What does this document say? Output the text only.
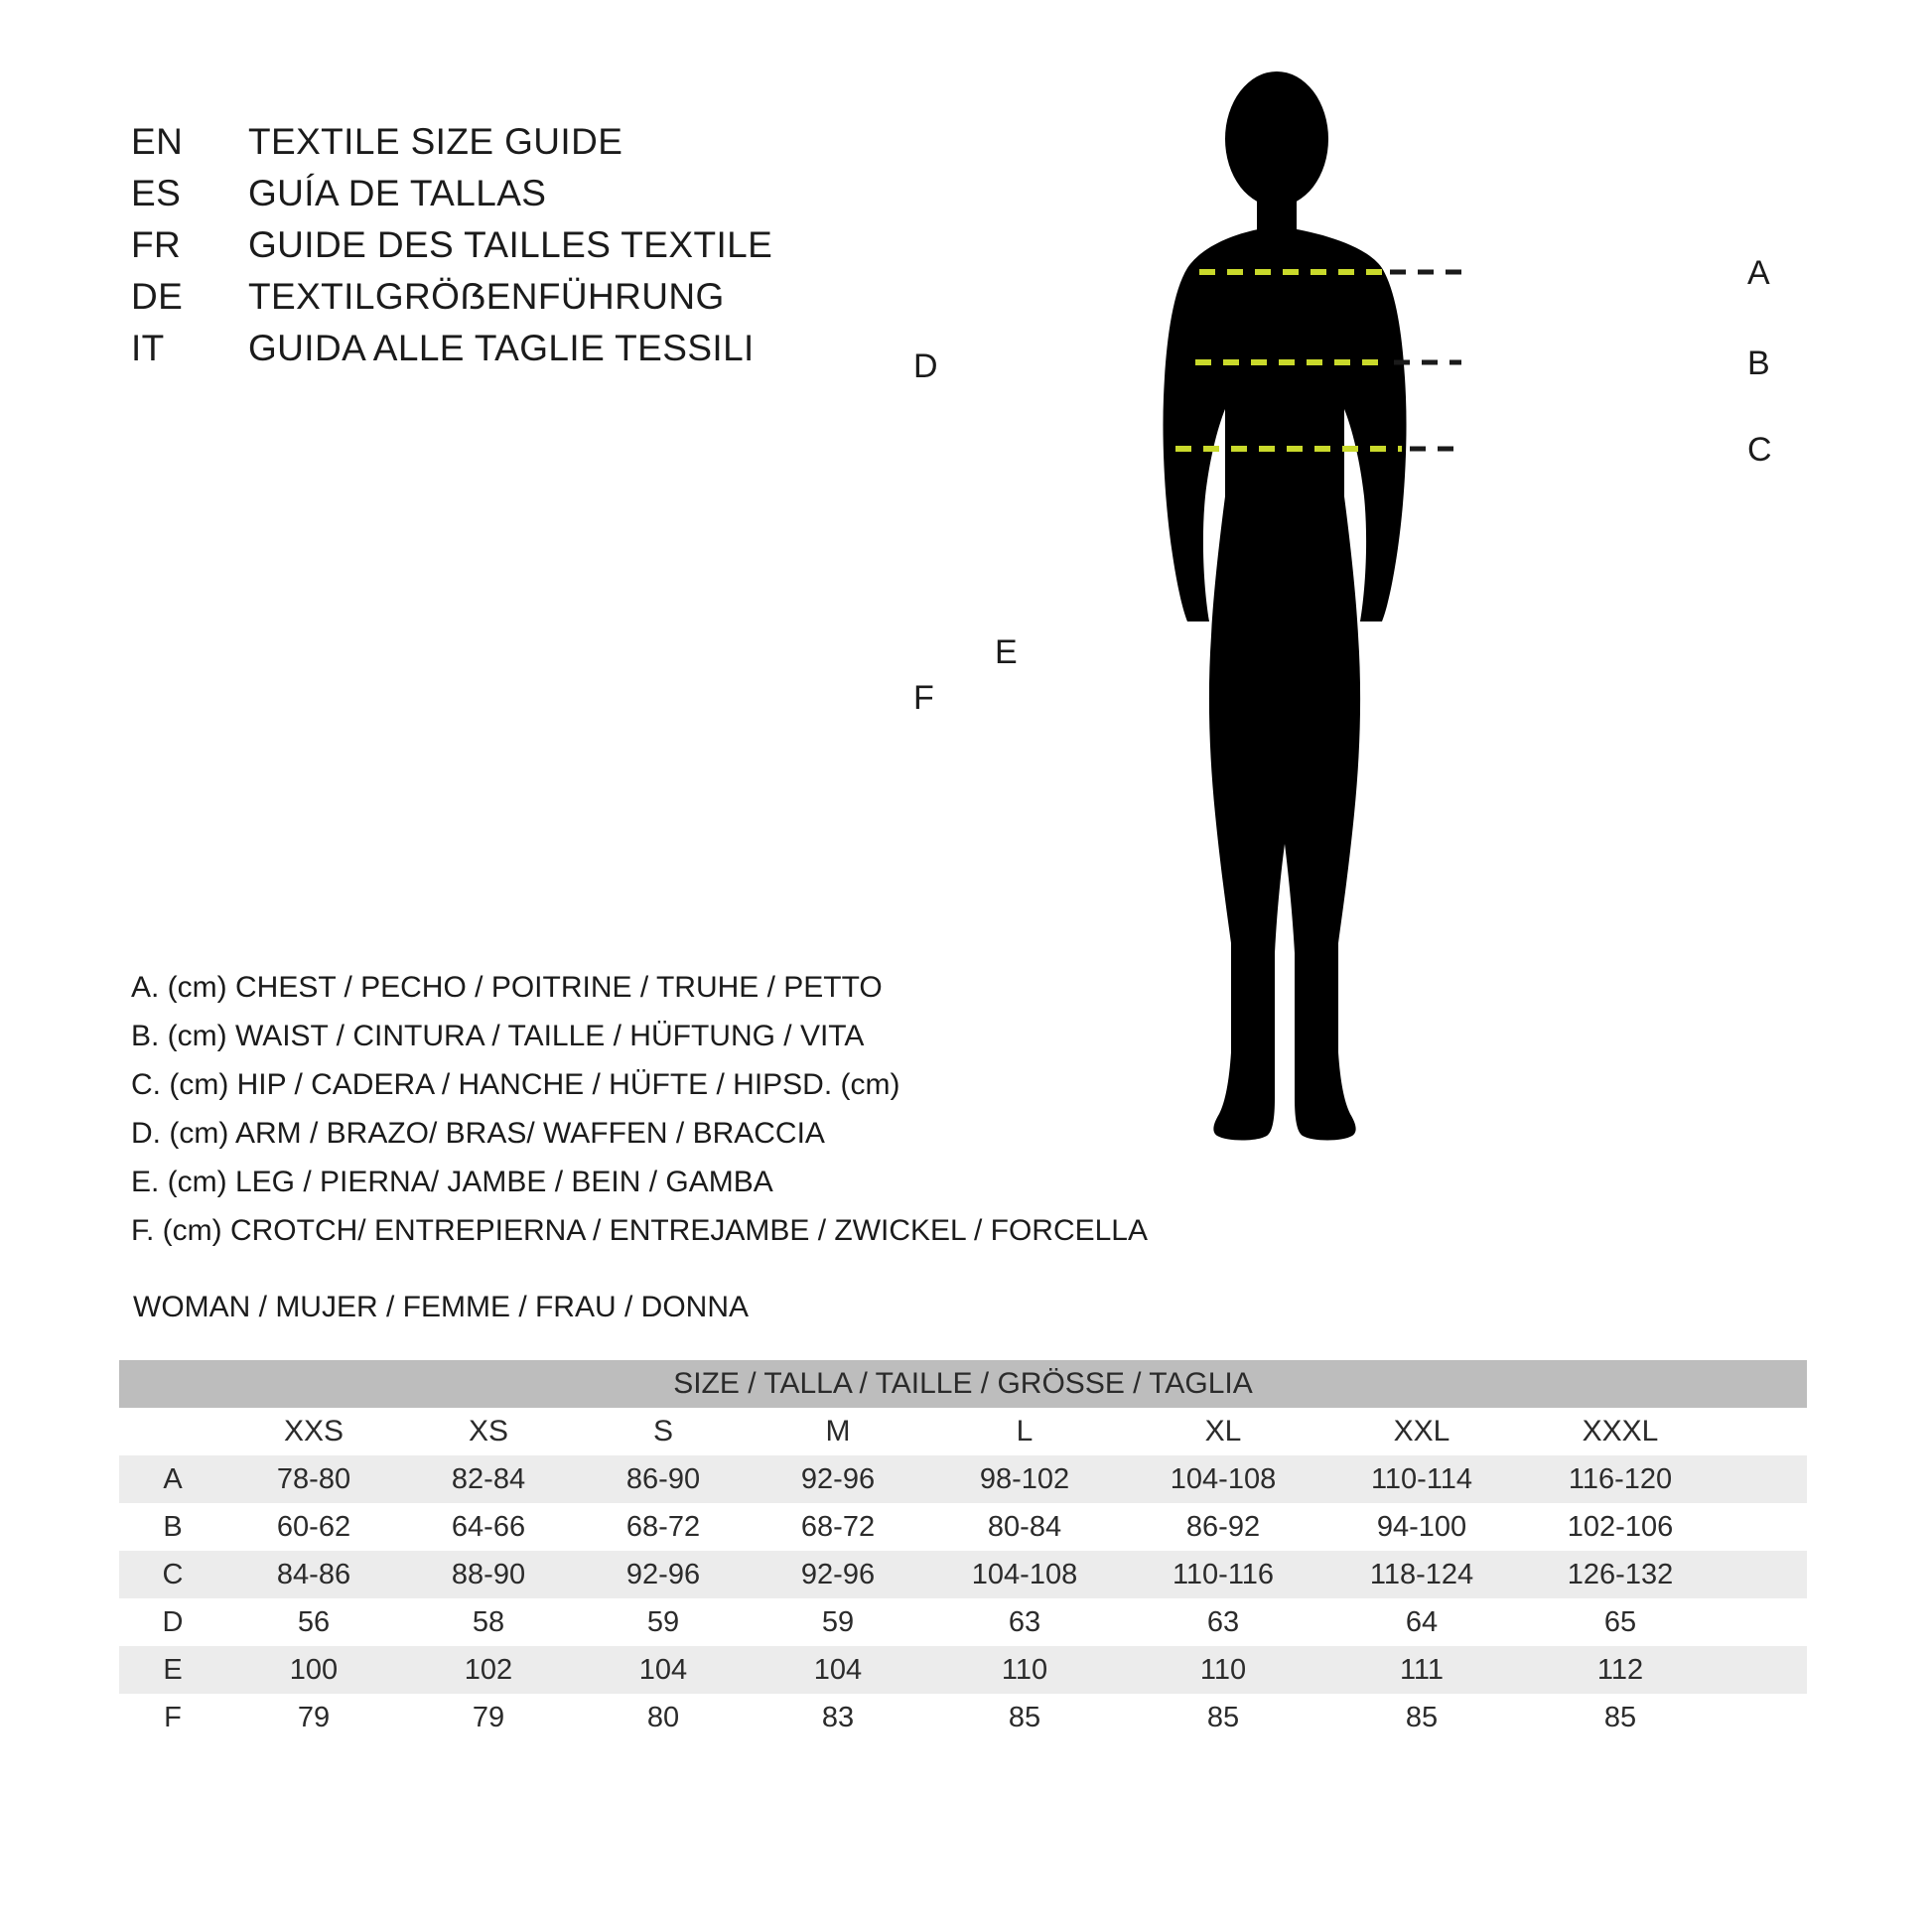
EN	TEXTILE SIZE GUIDE
ES	GUÍA DE TALLAS
FR	GUIDE DES TAILLES TEXTILE
DE	TEXTILGRÖẞENFÜHRUNG
IT	GUIDA ALLE TAGLIE TESSILI
A
B
C
D
E
F
A. (cm) CHEST / PECHO / POITRINE / TRUHE / PETTO
B. (cm) WAIST / CINTURA / TAILLE / HÜFTUNG / VITA
C. (cm) HIP / CADERA / HANCHE / HÜFTE / HIPSD. (cm)
D. (cm) ARM / BRAZO/ BRAS/ WAFFEN / BRACCIA
E. (cm) LEG / PIERNA/ JAMBE / BEIN / GAMBA
F. (cm) CROTCH/ ENTREPIERNA / ENTREJAMBE / ZWICKEL / FORCELLA
WOMAN / MUJER / FEMME / FRAU / DONNA
SIZE / TALLA / TAILLE / GRÖSSE / TAGLIA									
	XXS	XS	S	M	L	XL	XXL	XXXL	
A	78-80	82-84	86-90	92-96	98-102	104-108	110-114	116-120	
B	60-62	64-66	68-72	68-72	80-84	86-92	94-100	102-106	
C	84-86	88-90	92-96	92-96	104-108	110-116	118-124	126-132	
D	56	58	59	59	63	63	64	65	
E	100	102	104	104	110	110	111	112	
F	79	79	80	83	85	85	85	85	
